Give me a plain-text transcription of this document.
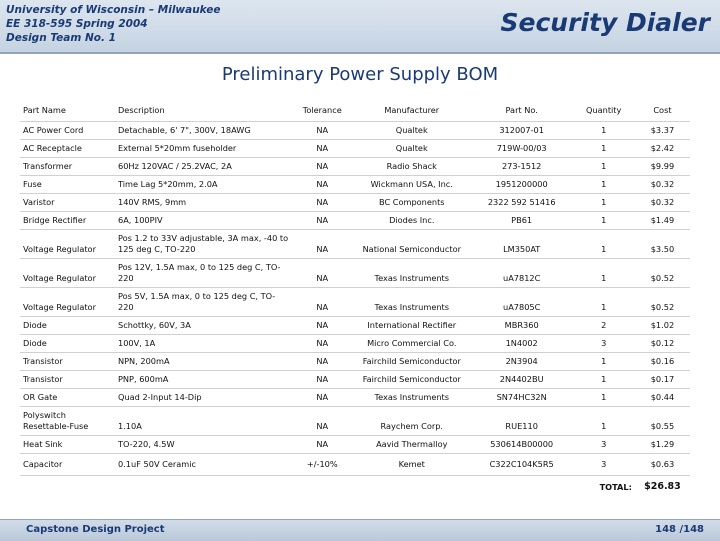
University of Wisconsin – Milwaukee
EE 318-595 Spring 2004
Design Team No. 1
Security Dialer
Preliminary Power Supply BOM
Part Name	Description	Tolerance	Manufacturer	Part No.	Quantity	Cost
AC Power Cord	Detachable, 6' 7", 300V, 18AWG	NA	Qualtek	312007-01	1	$3.37
AC Receptacle	External 5*20mm fuseholder	NA	Qualtek	719W-00/03	1	$2.42
Transformer	60Hz 120VAC / 25.2VAC, 2A	NA	Radio Shack	273-1512	1	$9.99
Fuse	Time Lag 5*20mm, 2.0A	NA	Wickmann USA, Inc.	1951200000	1	$0.32
Varistor	140V RMS, 9mm	NA	BC Components	2322 592 51416	1	$0.32
Bridge Rectifier	6A, 100PIV	NA	Diodes Inc.	PB61	1	$1.49
Voltage Regulator	Pos 1.2 to 33V adjustable, 3A max, -40 to 125 deg C, TO-220	NA	National Semiconductor	LM350AT	1	$3.50
Voltage Regulator	Pos 12V, 1.5A max, 0 to 125 deg C, TO-220	NA	Texas Instruments	uA7812C	1	$0.52
Voltage Regulator	Pos 5V, 1.5A max, 0 to 125 deg C, TO-220	NA	Texas Instruments	uA7805C	1	$0.52
Diode	Schottky, 60V, 3A	NA	International Rectifier	MBR360	2	$1.02
Diode	100V, 1A	NA	Micro Commercial Co.	1N4002	3	$0.12
Transistor	NPN, 200mA	NA	Fairchild Semiconductor	2N3904	1	$0.16
Transistor	PNP, 600mA	NA	Fairchild Semiconductor	2N4402BU	1	$0.17
OR Gate	Quad 2-Input 14-Dip	NA	Texas Instruments	SN74HC32N	1	$0.44
Polyswitch Resettable-Fuse	1.10A	NA	Raychem Corp.	RUE110	1	$0.55
Heat Sink	TO-220, 4.5W	NA	Aavid Thermalloy	530614B00000	3	$1.29
Capacitor	0.1uF 50V Ceramic	+/-10%	Kemet	C322C104K5R5	3	$0.63
					TOTAL:	$26.83
Capstone Design Project	148 /148
